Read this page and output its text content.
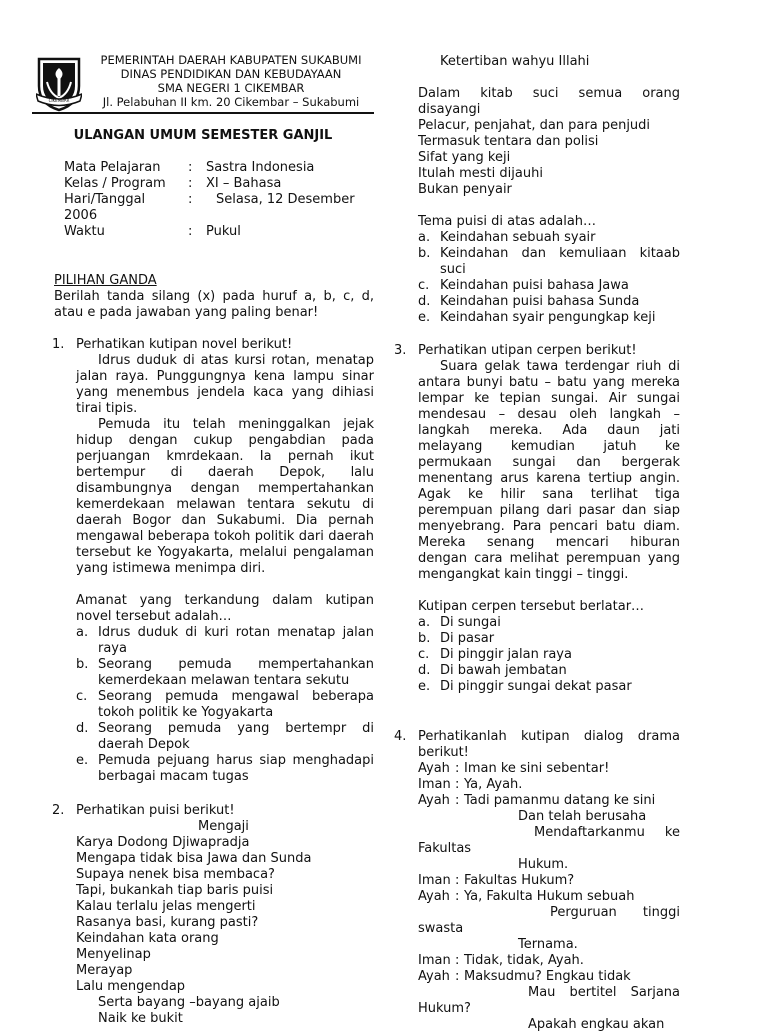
CIKEMBAR
PEMERINTAH DAERAH KABUPATEN SUKABUMI
DINAS PENDIDIKAN DAN KEBUDAYAAN
SMA NEGERI 1 CIKEMBAR
Jl. Pelabuhan II km. 20 Cikembar – Sukabumi
ULANGAN UMUM SEMESTER GANJIL
Mata Pelajaran : Sastra Indonesia
Kelas / Program : XI – Bahasa
Hari/Tanggal	: Selasa, 12 Desember
2006
Waktu	: Pukul
PILIHAN GANDA
Berilah tanda silang (x) pada huruf a, b, c, d, atau e pada jawaban yang paling benar!
1. Perhatikan kutipan novel berikut!
Idrus duduk di atas kursi rotan, menatap jalan raya. Punggungnya kena lampu sinar yang menembus jendela kaca yang dihiasi tirai tipis.
Pemuda itu telah meninggalkan jejak hidup dengan cukup pengabdian pada perjuangan kmrdekaan. Ia pernah ikut bertempur di daerah Depok, lalu disambungnya dengan mempertahankan kemerdekaan melawan tentara sekutu di daerah Bogor dan Sukabumi. Dia pernah mengawal beberapa tokoh politik dari daerah tersebut ke Yogyakarta, melalui pengalaman yang istimewa menimpa diri.
Amanat yang terkandung dalam kutipan novel tersebut adalah…
a. Idrus duduk di kuri rotan menatap jalan raya
b. Seorang pemuda mempertahankan kemerdekaan melawan tentara sekutu
c. Seorang pemuda mengawal beberapa tokoh politik ke Yogyakarta
d. Seorang pemuda yang bertempr di daerah Depok
e. Pemuda pejuang harus siap menghadapi berbagai macam tugas
2. Perhatikan puisi berikut!
Mengaji
Karya Dodong Djiwapradja
Mengapa tidak bisa Jawa dan Sunda
Supaya nenek bisa membaca?
Tapi, bukankah tiap baris puisi
Kalau terlalu jelas mengerti
Rasanya basi, kurang pasti?
Keindahan kata orang
Menyelinap
Merayap
Lalu mengendap
Serta bayang –bayang ajaib
Naik ke bukit
Ketertiban wahyu Illahi
Dalam kitab suci semua orang disayangi
Pelacur, penjahat, dan para penjudi
Termasuk tentara dan polisi
Sifat yang keji
Itulah mesti dijauhi
Bukan penyair
Tema puisi di atas adalah…
a. Keindahan sebuah syair
b. Keindahan dan kemuliaan kitaab suci
c. Keindahan puisi bahasa Jawa
d. Keindahan puisi bahasa Sunda
e. Keindahan syair pengungkap keji
3. Perhatikan utipan cerpen berikut!
Suara gelak tawa terdengar riuh di antara bunyi batu – batu yang mereka lempar ke tepian sungai. Air sungai mendesau – desau oleh langkah – langkah mereka. Ada daun jati melayang kemudian jatuh ke permukaan sungai dan bergerak menentang arus karena tertiup angin. Agak ke hilir sana terlihat tiga perempuan pilang dari pasar dan siap menyebrang. Para pencari batu diam. Mereka senang mencari hiburan dengan cara melihat perempuan yang mengangkat kain tinggi – tinggi.
Kutipan cerpen tersebut berlatar…
a. Di sungai
b. Di pasar
c. Di pinggir jalan raya
d. Di bawah jembatan
e. Di pinggir sungai dekat pasar
4. Perhatikanlah kutipan dialog drama berikut!
Ayah : Iman ke sini sebentar!
Iman : Ya, Ayah.
Ayah : Tadi pamanmu datang ke sini
Dan telah berusaha
Mendaftarkanmu ke
Fakultas
Hukum.
Iman : Fakultas Hukum?
Ayah : Ya, Fakulta Hukum sebuah
Perguruan tinggi
swasta
Ternama.
Iman : Tidak, tidak, Ayah.
Ayah : Maksudmu? Engkau tidak
Mau bertitel Sarjana
Hukum?
Apakah engkau akan
